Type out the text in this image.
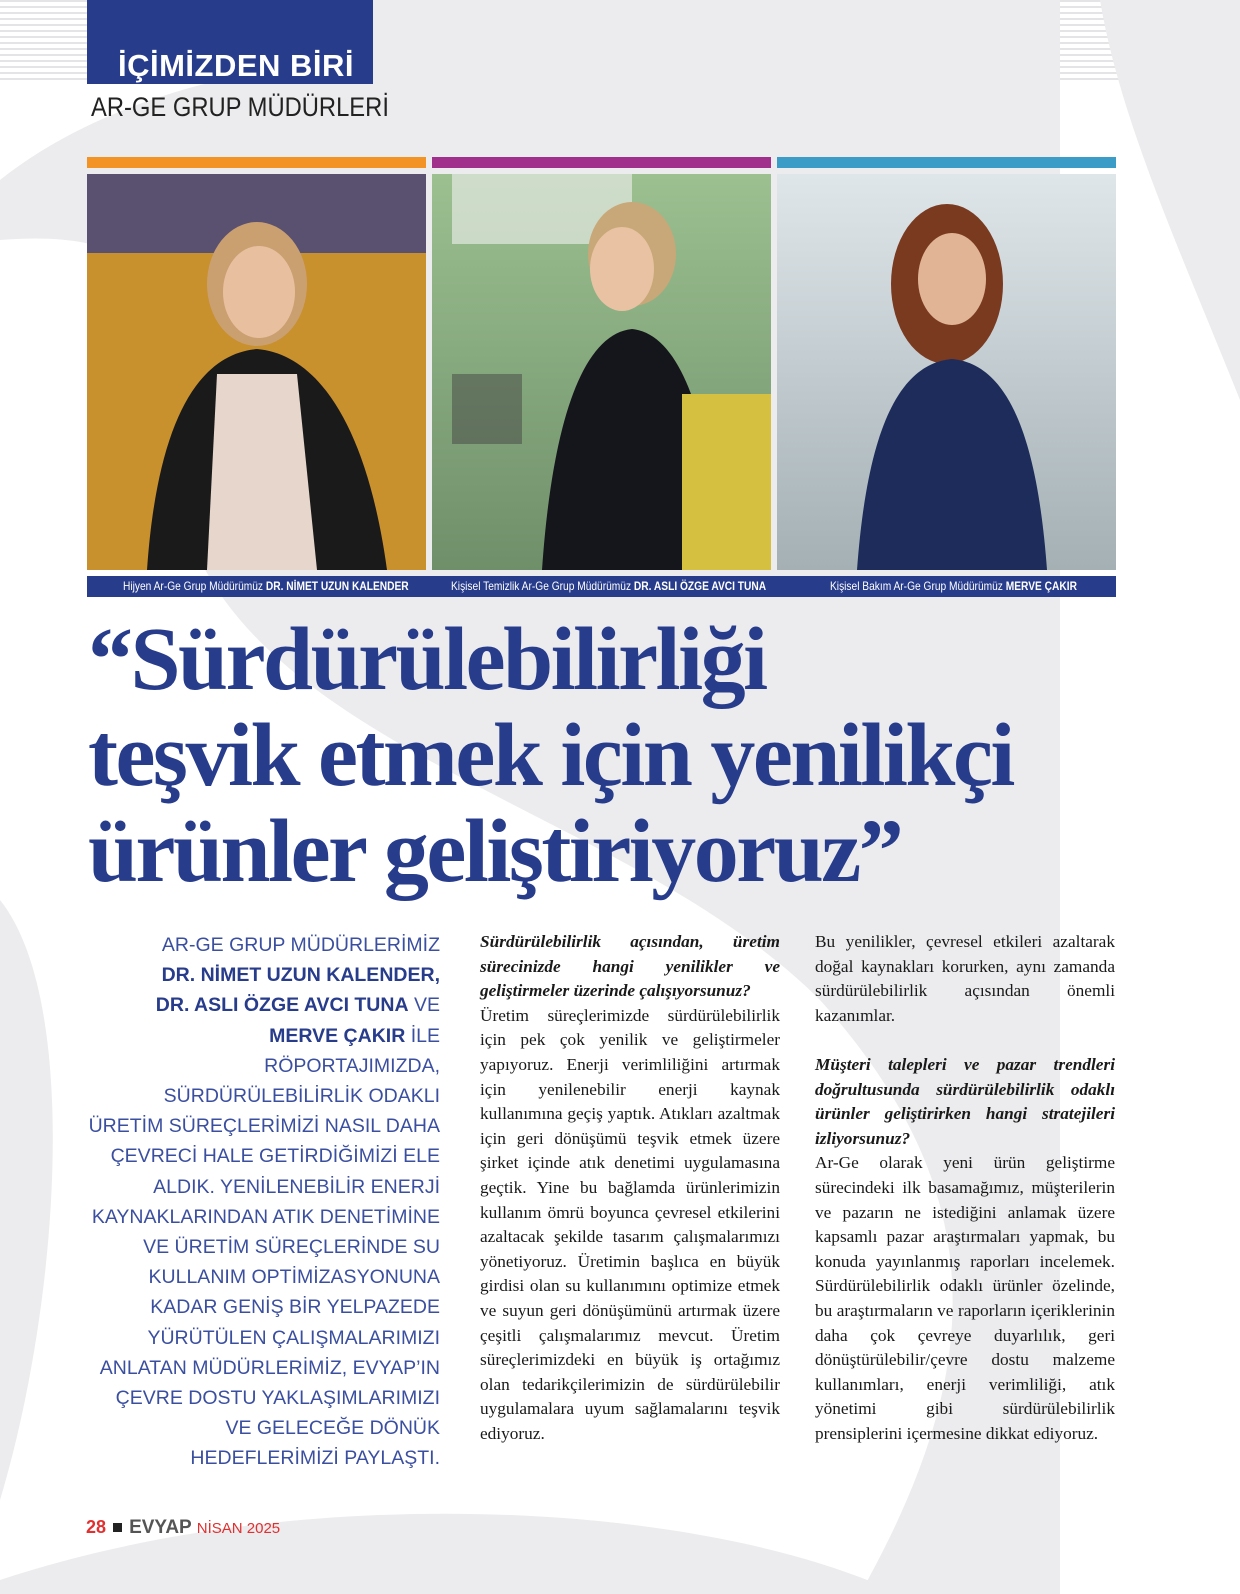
İÇİMİZDEN BİRİ
AR-GE GRUP MÜDÜRLERİ
Hijyen Ar-Ge Grup Müdürümüz DR. NİMET UZUN KALENDER	Kişisel Temizlik Ar-Ge Grup Müdürümüz DR. ASLI ÖZGE AVCI TUNA	Kişisel Bakım Ar-Ge Grup Müdürümüz MERVE ÇAKIR
“Sürdürülebilirliği
teşvik etmek için yenilikçi
ürünler geliştiriyoruz”
AR-GE GRUP MÜDÜRLERİMİZ
DR. NİMET UZUN KALENDER,
DR. ASLI ÖZGE AVCI TUNA VE
MERVE ÇAKIR İLE RÖPORTAJIMIZDA, SÜRDÜRÜLEBİLİRLİK ODAKLI ÜRETİM SÜREÇLERİMİZİ NASIL DAHA ÇEVRECİ HALE GETİRDİĞİMİZİ ELE ALDIK. YENİLENEBİLİR ENERJİ KAYNAKLARINDAN ATIK DENETİMİNE VE ÜRETİM SÜREÇLERİNDE SU KULLANIM OPTİMİZASYONUNA KADAR GENİŞ BİR YELPAZEDE YÜRÜTÜLEN ÇALIŞMALARIMIZI ANLATAN MÜDÜRLERİMİZ, EVYAP’IN ÇEVRE DOSTU YAKLAŞIMLARIMIZI VE GELECEĞE DÖNÜK HEDEFLERİMİZİ PAYLAŞTI.

Sürdürülebilirlik açısından, üretim sürecinizde hangi yenilikler ve geliştirmeler üzerinde çalışıyorsunuz?

Üretim süreçlerimizde sürdürülebilirlik için pek çok yenilik ve geliştirmeler yapıyoruz. Enerji verimliliğini artırmak için yenilenebilir enerji kaynak kullanımına geçiş yaptık. Atıkları azaltmak için geri dönüşümü teşvik etmek üzere şirket içinde atık denetimi uygulamasına geçtik. Yine bu bağlamda ürünlerimizin kullanım ömrü boyunca çevresel etkilerini azaltacak şekilde tasarım çalışmalarımızı yönetiyoruz. Üretimin başlıca en büyük girdisi olan su kullanımını optimize etmek ve suyun geri dönüşümünü artırmak üzere çeşitli çalışmalarımız mevcut. Üretim süreçlerimizdeki en büyük iş ortağımız olan tedarikçilerimizin de sürdürülebilir uygulamalara uyum sağlamalarını teşvik ediyoruz.

Bu yenilikler, çevresel etkileri azaltarak doğal kaynakları korurken, aynı zamanda sürdürülebilirlik açısından önemli kazanımlar.

Müşteri talepleri ve pazar trendleri doğrultusunda sürdürülebilirlik odaklı ürünler geliştirirken hangi stratejileri izliyorsunuz?

Ar-Ge olarak yeni ürün geliştirme sürecindeki ilk basamağımız, müşterilerin ve pazarın ne istediğini anlamak üzere kapsamlı pazar araştırmaları yapmak, bu konuda yayınlanmış raporları incelemek. Sürdürülebilirlik odaklı ürünler özelinde, bu araştırmaların ve raporların içeriklerinin daha çok çevreye duyarlılık, geri dönüştürülebilir/çevre dostu malzeme kullanımları, enerji verimliliği, atık yönetimi gibi sürdürülebilirlik prensiplerini içermesine dikkat ediyoruz.

28 EVYAP NİSAN 2025
